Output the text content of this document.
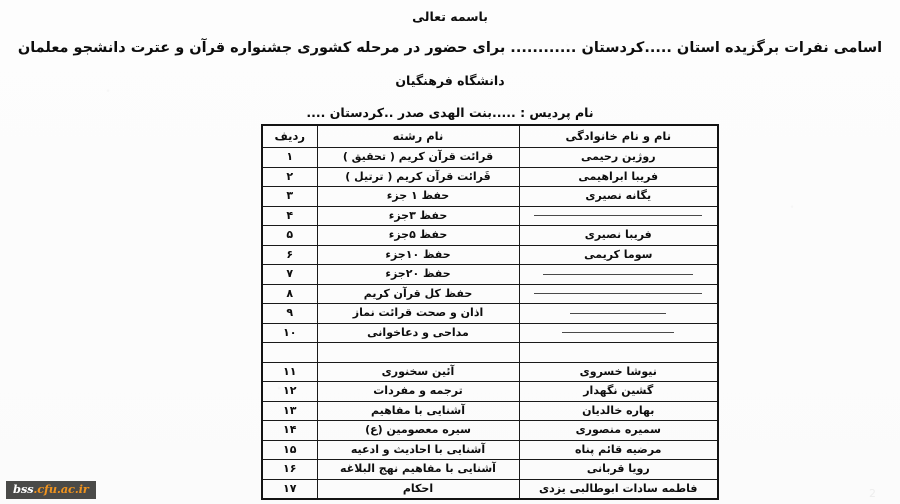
باسمه تعالی
اسامی نفرات برگزیده استان .....کردستان ............ برای حضور در مرحله کشوری جشنواره قرآن و عترت دانشجو معلمان
دانشگاه فرهنگیان
نام پردیس : .....بنت الهدی صدر ..کردستان ....
نام و نام خانوادگی	نام رشته	ردیف
روژین رحیمی	قرائت قرآن کریم ( تحقیق )	۱
فریبا ابراهیمی	قَرائت قرآن کریم ( ترتیل )	۲
یگانه نصیری	حفظ ۱ جزء	۳
	حفظ ۳جزء	۴
فریبا نصیری	حفظ ۵جزء	۵
سوما کریمی	حفظ ۱۰جزء	۶
	حفظ ۲۰جزء	۷
	حفظ کل قرآن کریم	۸
	اذان و صحت قرائت نماز	۹
	مداحی و دعاخوانی	۱۰

نیوشا خسروی	آئین سخنوری	۱۱
گشین نگهدار	ترجمه و مفردات	۱۲
بهاره خالدیان	آشنایی با مفاهیم	۱۳
سمیره منصوری	سیره معصومین (ع)	۱۴
مرضیه قائم پناه	آشنایی با احادیث و ادعیه	۱۵
رویا قربانی	آشنایی با مفاهیم نهج البلاغه	۱۶
فاطمه سادات ابوطالبی یزدی	احکام	۱۷
bss.cfu.ac.ir	2
